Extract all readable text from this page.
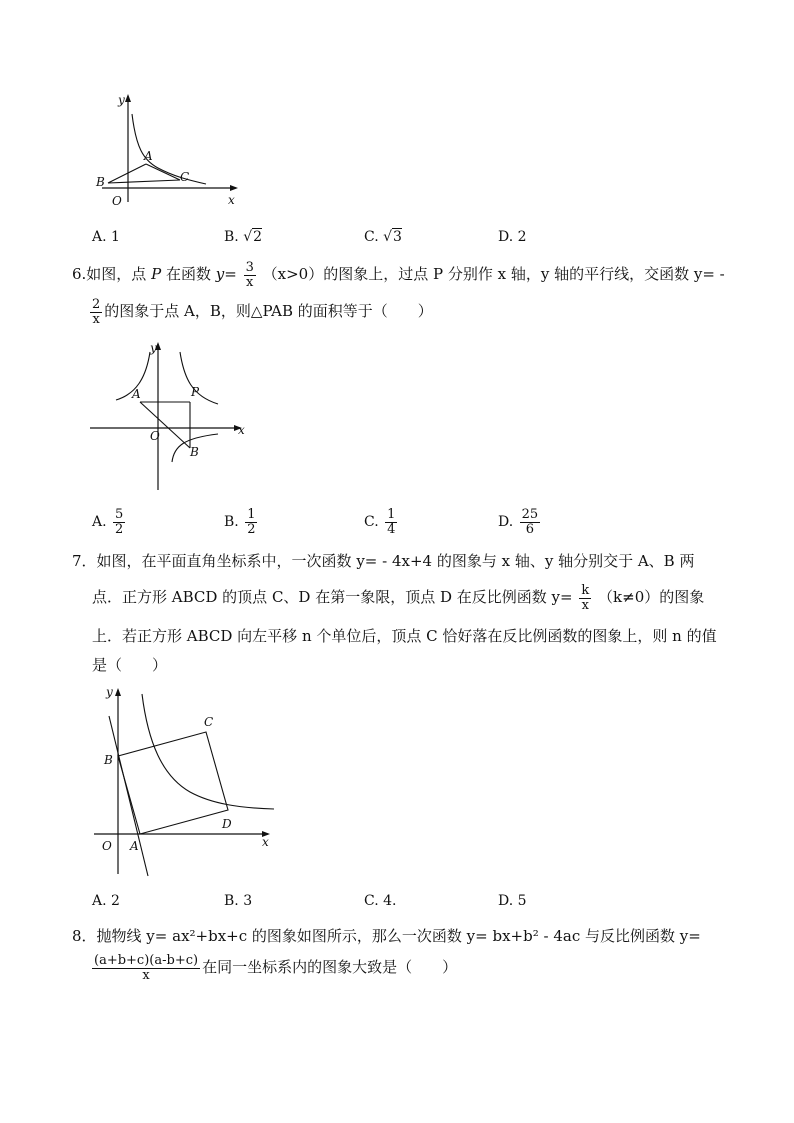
y
x
O
A
B	C
A. 1	B. √2	C. √3	D. 2
6.如图，点 P 在函数 $y= \frac{3}{x} (x>0)$的图象上，过点 P 分别作 x 轴，y 轴的平行线，交函数 y= -
$\frac{2}{x}$ 的图象于点 A，B，则△PAB 的面积等于（　　）
y
x
O
A
B
P
A. $\frac{5}{2}$	B. $\frac{1}{2}$	C. $\frac{1}{4}$	D. $\frac{25}{6}$
7．如图，在平面直角坐标系中，一次函数 y= - 4x+4 的图象与 x 轴、y 轴分别交于 A、B 两
点．正方形 ABCD 的顶点 C、D 在第一象限，顶点 D 在反比例函数 $y= \frac{k}{x} (k\ne 0)$的图象
上．若正方形 ABCD 向左平移 n 个单位后，顶点 C 恰好落在反比例函数的图象上，则 n 的值
是（　　）
y
x
O A
B
C
D
A. 2	B. 3	C. 4.	D. 5
8．抛物线 y= ax²+bx+c 的图象如图所示，那么一次函数 y= bx+b² - 4ac 与反比例函数 y=
$\frac{(a+b+c)(a-b+c)}{x}$ 在同一坐标系内的图象大致是（　　）
